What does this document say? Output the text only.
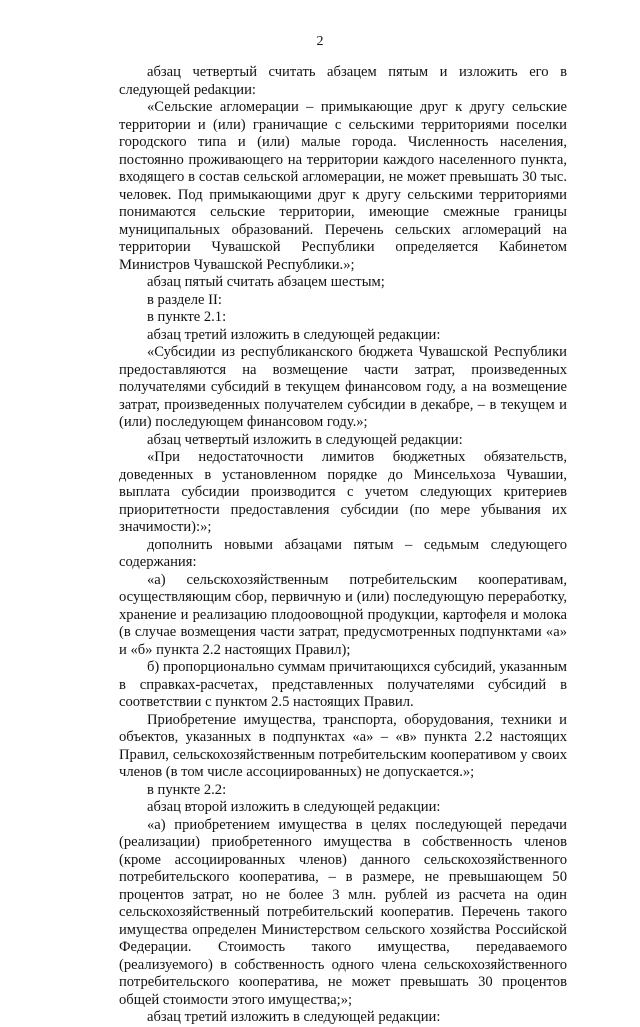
2

абзац четвертый считать абзацем пятым и изложить его в следующей реdакции:

«Сельские агломерации – примыкающие друг к другу сельские территории и (или) граничащие с сельскими территориями поселки городского типа и (или) малые города. Численность населения, постоянно проживающего на территории каждого населенного пункта, входящего в состав сельской агломерации, не может превышать 30 тыс. человек. Под примыкающими друг к другу сельскими территориями понимаются сельские территории, имеющие смежные границы муниципальных образований. Перечень сельских агломераций на территории Чувашской Республики определяется Кабинетом Министров Чувашской Республики.»;

абзац пятый считать абзацем шестым;

в разделе II:

в пункте 2.1:

абзац третий изложить в следующей редакции:

«Субсидии из республиканского бюджета Чувашской Республики предоставляются на возмещение части затрат, произведенных получателями субсидий в текущем финансовом году, а на возмещение затрат, произведенных получателем субсидии в декабре, – в текущем и (или) последующем финансовом году.»;

абзац четвертый изложить в следующей редакции:

«При недостаточности лимитов бюджетных обязательств, доведенных в установленном порядке до Минсельхоза Чувашии, выплата субсидии производится с учетом следующих критериев приоритетности предоставления субсидии (по мере убывания их значимости):»;

дополнить новыми абзацами пятым – седьмым следующего содержания:

«а) сельскохозяйственным потребительским кооперативам, осуществляющим сбор, первичную и (или) последующую переработку, хранение и реализацию плодоовощной продукции, картофеля и молока (в случае возмещения части затрат, предусмотренных подпунктами «а» и «б» пункта 2.2 настоящих Правил);

б) пропорционально суммам причитающихся субсидий, указанным в справках-расчетах, представленных получателями субсидий в соответствии с пунктом 2.5 настоящих Правил.

Приобретение имущества, транспорта, оборудования, техники и объектов, указанных в подпунктах «а» – «в» пункта 2.2 настоящих Правил, сельскохозяйственным потребительским кооперативом у своих членов (в том числе ассоциированных) не допускается.»;

в пункте 2.2:

абзац второй изложить в следующей редакции:

«а) приобретением имущества в целях последующей передачи (реализации) приобретенного имущества в собственность членов (кроме ассоциированных членов) данного сельскохозяйственного потребительского кооператива, – в размере, не превышающем 50 процентов затрат, но не более 3 млн. рублей из расчета на один сельскохозяйственный потребительский кооператив. Перечень такого имущества определен Министерством сельского хозяйства Российской Федерации. Стоимость такого имущества, передаваемого (реализуемого) в собственность одного члена сельскохозяйственного потребительского кооператива, не может превышать 30 процентов общей стоимости этого имущества;»;

абзац третий изложить в следующей редакции:
